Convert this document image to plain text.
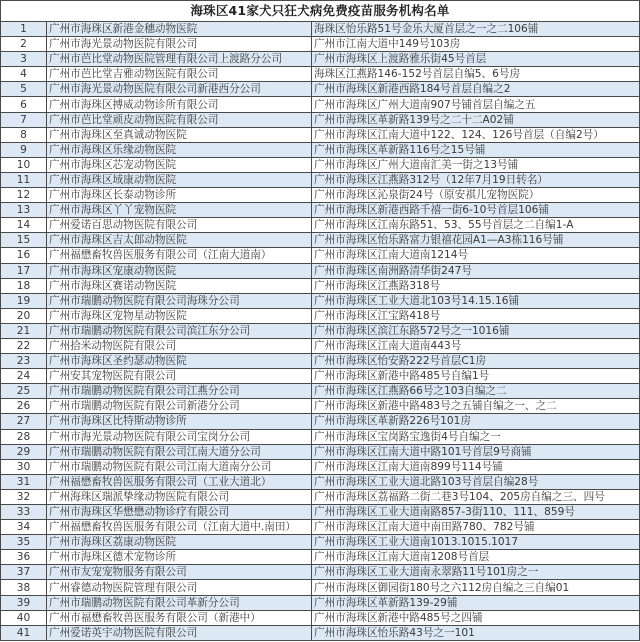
海珠区41家犬只狂犬病免费疫苗服务机构名单
1	广州市海珠区新港金穗动物医院	海珠区怡乐路51号金乐大厦首层之一之二106铺
2	广州市海光景动物医院有限公司	广州市江南大道中149号103房
3	广州市芭比堂动物医院管理有限公司上渡路分公司	广州市海珠区上渡路雅乐街45号首层
4	广州市芭比堂吉雅动物医院有限公司	海珠区江燕路146-152号首层自编5、6号房
5	广州市海光景动物医院有限公司新港西分公司	广州市海珠区新港西路184号首层自编之2
6	广州市海珠区搏威动物诊所有限公司	广州市海珠区广州大道南907号铺首层自编之五
7	广州市芭比堂顽皮动物医院有限公司	广州市海珠区革新路139号之二十二A02铺
8	广州市海珠区至真诚动物医院	广州市海珠区江南大道中122、124、126号首层（自编2号）
9	广州市海珠区乐缘动物医院	广州市海珠区革新路116号之15号铺
10	广州市海珠区芯宠动物医院	广州市海珠区广州大道南汇美一街之13号铺
11	广州市海珠区域康动物医院	广州市海珠区江燕路312号（12年7月19日转名）
12	广州市海珠区长泰动物诊所	广州市海珠区沁泉街24号（原安祺儿宠物医院）
13	广州市海珠区丫丫宠物医院	广州市海珠区新港西路千禧一街6-10号首层106铺
14	广州爱诺百思动物医院有限公司	广州市海珠区江南东路51、53、55号首层之二自编1-A
15	广州市海珠区吉太郎动物医院	广州市海珠区怡乐路富力银禧花园A1—A3栋116号铺
16	广州福懋畜牧兽医服务有限公司（江南大道南）	广州市海珠区江南大道南1214号
17	广州市海珠区宠康动物医院	广州市海珠区南洲路清华街247号
18	广州市海珠区赛诺动物医院	广州市海珠区江燕路318号
19	广州市瑞鹏动物医院有限公司海珠分公司	广州市海珠区工业大道北103号14.15.16铺
20	广州市海珠区宠物星动物医院	广州市海珠区江宝路418号
21	广州市瑞鹏动物医院有限公司滨江东分公司	广州市海珠区滨江东路572号之一1016铺
22	广州拾米动物医院有限公司	广州市海珠区江南大道南443号
23	广州市海珠区圣约瑟动物医院	广州市海珠区怡安路222号首层C1房
24	广州安其宠物医院有限公司	广州市海珠区新港中路485号自编1号
25	广州市瑞鹏动物医院有限公司江燕分公司	广州市海珠区江燕路66号之103自编之二
26	广州市瑞鹏动物医院有限公司新港分公司	广州市海珠区新港中路483号之五铺自编之一、之二
27	广州市海珠区比特斯动物诊所	广州市海珠区革新路226号101房
28	广州市海光景动物医院有限公司宝岗分公司	广州市海珠区宝岗路宝逸街4号自编之一
29	广州市瑞鹏动物医院有限公司江南大道分公司	广州市海珠区江南大道中路101号首层9号商铺
30	广州市瑞鹏动物医院有限公司江南大道南分公司	广州市海珠区江南大道南899号114号铺
31	广州福懋畜牧兽医服务有限公司（工业大道北）	广州市海珠区工业大道北路103号首层自编28号
32	广州海珠区瑞派挚缘动物医院有限公司	广州市海珠区荔福路二街二巷3号104、205房自编之三、四号
33	广州市海珠区华懋懋动物诊疗有限公司	广州市海珠区工业大道南路857-3街110、111、859号
34	广州福懋畜牧兽医服务有限公司（江南大道中.南田）	广州市海珠区江南大道中南田路780、782号铺
35	广州市海珠区荔康动物医院	广州市海珠区工业大道南1013.1015.1017
36	广州市海珠区德术宠物诊所	广州市海珠区江南大道南1208号首层
37	广州市友宠宠物服务有限公司	广州市海珠区工业大道南永翠路11号101房之一
38	广州睿德动物医院管理有限公司	广州市海珠区御园街180号之六112房自编之三自编01
39	广州市瑞鹏动物医院有限公司革新分公司	广州市海珠区革新路139-29铺
40	广州市福懋畜牧兽医服务有限公司（新港中）	广州市海珠区新港中路485号之四铺
41	广州爱诺英宇动物医院有限公司	广州市海珠区怡乐路43号之一101
